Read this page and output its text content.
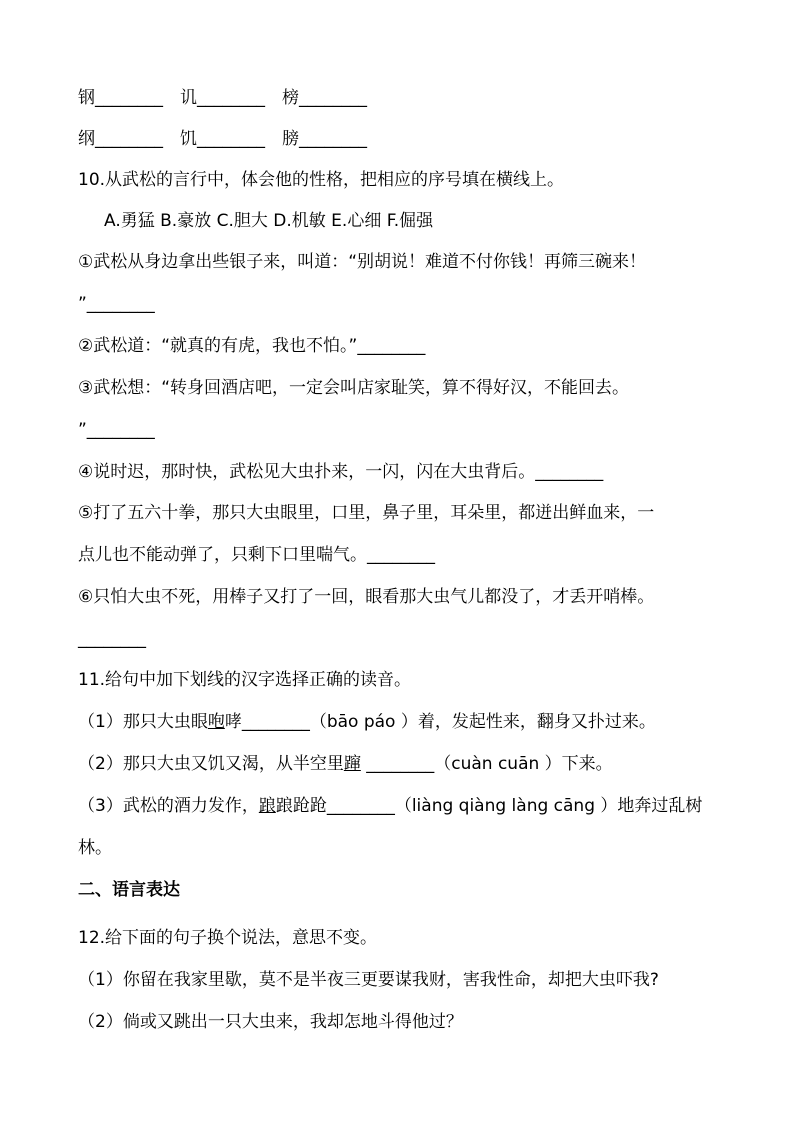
钢________　讥________　榜________
纲________　饥________　膀________
10.从武松的言行中，体会他的性格，把相应的序号填在横线上。
A.勇猛 B.豪放 C.胆大 D.机敏 E.心细 F.倔强
①武松从身边拿出些银子来，叫道：“别胡说！难道不付你钱！再筛三碗来！
”________
②武松道：“就真的有虎，我也不怕。”________
③武松想：“转身回酒店吧，一定会叫店家耻笑，算不得好汉，不能回去。
”________
④说时迟，那时快，武松见大虫扑来，一闪，闪在大虫背后。________
⑤打了五六十拳，那只大虫眼里，口里，鼻子里，耳朵里，都迸出鲜血来，一
点儿也不能动弹了，只剩下口里喘气。________
⑥只怕大虫不死，用棒子又打了一回，眼看那大虫气儿都没了，才丢开哨棒。
________
11.给句中加下划线的汉字选择正确的读音。
（1）那只大虫眼咆哮________（bāo páo ）着，发起性来，翻身又扑过来。
（2）那只大虫又饥又渴，从半空里蹿 ________（cuàn cuān ）下来。
（3）武松的酒力发作，踉踉跄跄________（liàng qiàng làng cāng ）地奔过乱树
林。
二、语言表达
12.给下面的句子换个说法，意思不变。
（1）你留在我家里歇，莫不是半夜三更要谋我财，害我性命，却把大虫吓我?
（2）倘或又跳出一只大虫来，我却怎地斗得他过？
